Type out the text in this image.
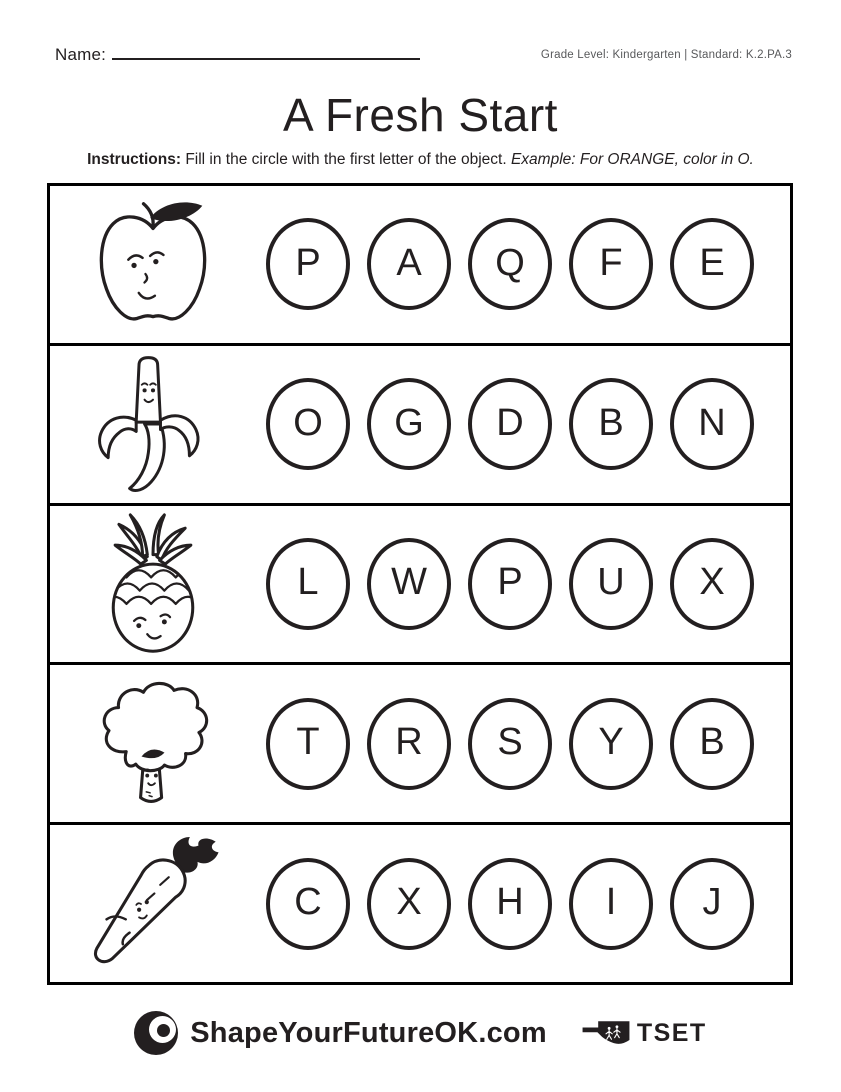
Name:	Grade Level: Kindergarten | Standard: K.2.PA.3
A Fresh Start

Instructions: Fill in the circle with the first letter of the object. Example: For ORANGE, color in O.

P A Q F E
O G D B N
L W P U X
T R S Y B
C X H I J
ShapeYourFutureOK.com	TSET
